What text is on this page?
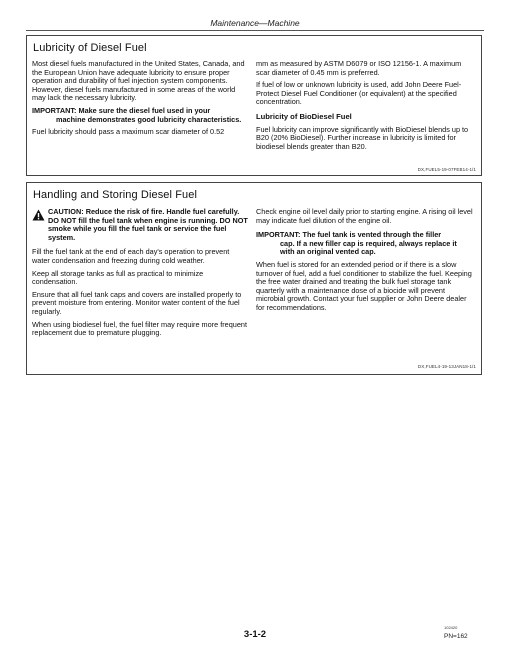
Maintenance—Machine
Lubricity of Diesel Fuel

Most diesel fuels manufactured in the United States, Canada, and the European Union have adequate lubricity to ensure proper operation and durability of fuel injection system components. However, diesel fuels manufactured in some areas of the world may lack the necessary lubricity.

IMPORTANT: Make sure the diesel fuel used in your
machine demonstrates good lubricity characteristics.

Fuel lubricity should pass a maximum scar diameter of 0.52

mm as measured by ASTM D6079 or ISO 12156-1. A maximum scar diameter of 0.45 mm is preferred.

If fuel of low or unknown lubricity is used, add John Deere Fuel-Protect Diesel Fuel Conditioner (or equivalent) at the specified concentration.

Lubricity of BioDiesel Fuel

Fuel lubricity can improve significantly with BioDiesel blends up to B20 (20% BioDiesel). Further increase in lubricity is limited for biodiesel blends greater than B20.

DX,FUEL5-19-07FEB14-1/1
Handling and Storing Diesel Fuel

CAUTION: Reduce the risk of fire. Handle fuel carefully. DO NOT fill the fuel tank when engine is running. DO NOT smoke while you fill the fuel tank or service the fuel system.

Fill the fuel tank at the end of each day's operation to prevent water condensation and freezing during cold weather.

Keep all storage tanks as full as practical to minimize condensation.

Ensure that all fuel tank caps and covers are installed properly to prevent moisture from entering. Monitor water content of the fuel regularly.

When using biodiesel fuel, the fuel filter may require more frequent replacement due to premature plugging.

Check engine oil level daily prior to starting engine. A rising oil level may indicate fuel dilution of the engine oil.

IMPORTANT: The fuel tank is vented through the filler
cap. If a new filler cap is required, always replace it with an original vented cap.

When fuel is stored for an extended period or if there is a slow turnover of fuel, add a fuel conditioner to stabilize the fuel. Keeping the free water drained and treating the bulk fuel storage tank quarterly with a maintenance dose of a biocide will prevent microbial growth. Contact your fuel supplier or John Deere dealer for recommendations.

DX,FUEL4-19-13JAN18-1/1
3-1-2
102420
PN=162
